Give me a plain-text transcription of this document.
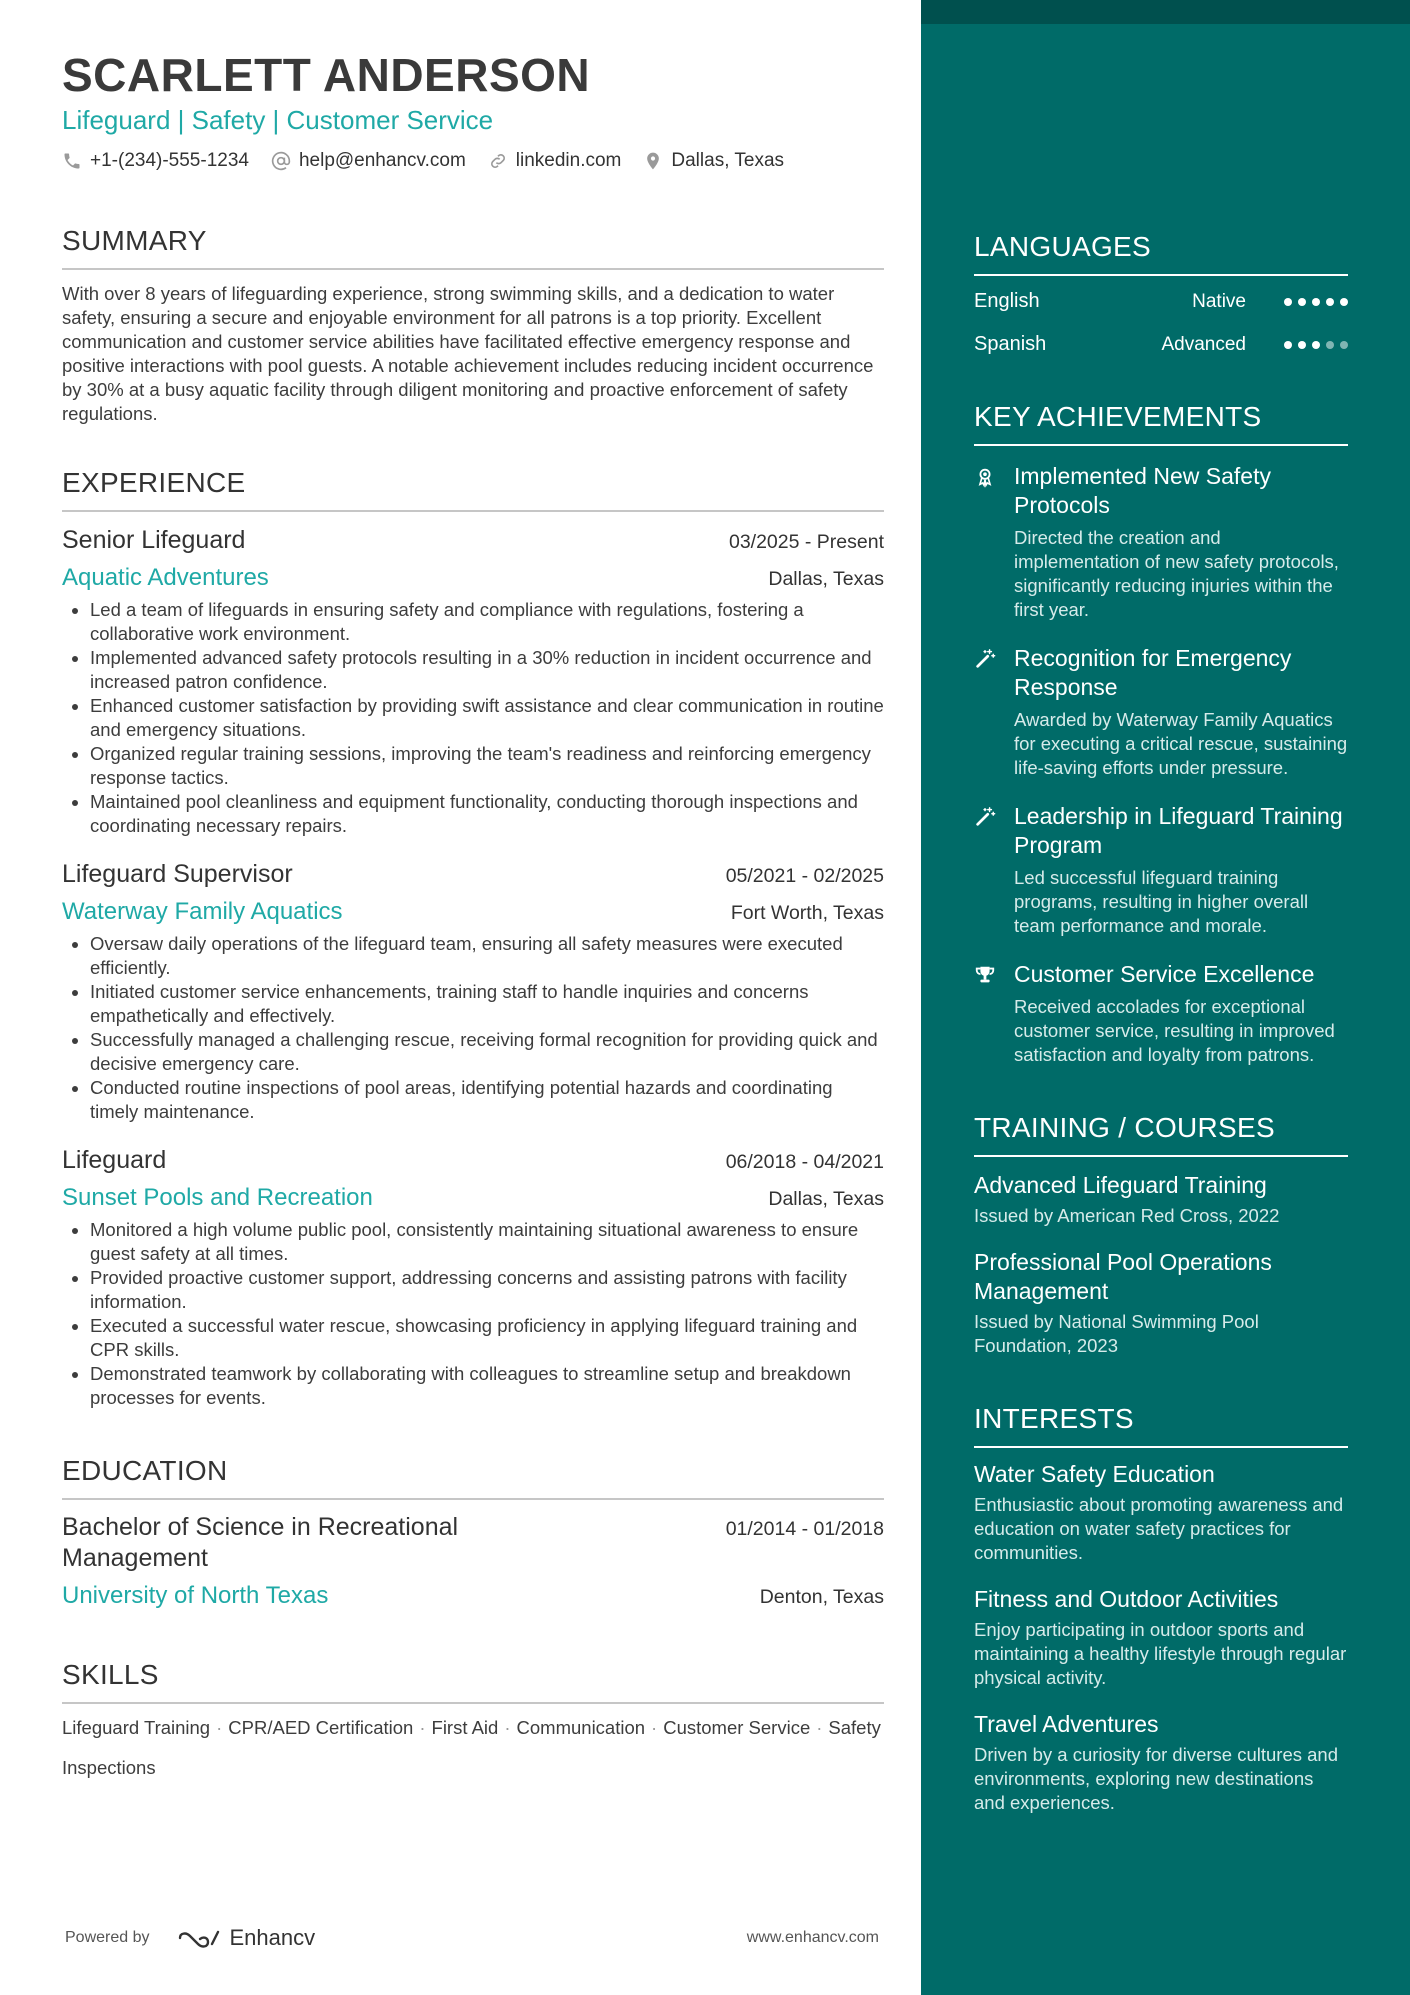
SCARLETT ANDERSON
Lifeguard | Safety | Customer Service
+1-(234)-555-1234	help@enhancv.com	linkedin.com	Dallas, Texas
SUMMARY
With over 8 years of lifeguarding experience, strong swimming skills, and a dedication to water safety, ensuring a secure and enjoyable environment for all patrons is a top priority. Excellent communication and customer service abilities have facilitated effective emergency response and positive interactions with pool guests. A notable achievement includes reducing incident occurrence by 30% at a busy aquatic facility through diligent monitoring and proactive enforcement of safety regulations.
EXPERIENCE
Senior Lifeguard	03/2025 - Present
Aquatic Adventures	Dallas, Texas
• Led a team of lifeguards in ensuring safety and compliance with regulations, fostering a collaborative work environment.
• Implemented advanced safety protocols resulting in a 30% reduction in incident occurrence and increased patron confidence.
• Enhanced customer satisfaction by providing swift assistance and clear communication in routine and emergency situations.
• Organized regular training sessions, improving the team's readiness and reinforcing emergency response tactics.
• Maintained pool cleanliness and equipment functionality, conducting thorough inspections and coordinating necessary repairs.
Lifeguard Supervisor	05/2021 - 02/2025
Waterway Family Aquatics	Fort Worth, Texas
• Oversaw daily operations of the lifeguard team, ensuring all safety measures were executed efficiently.
• Initiated customer service enhancements, training staff to handle inquiries and concerns empathetically and effectively.
• Successfully managed a challenging rescue, receiving formal recognition for providing quick and decisive emergency care.
• Conducted routine inspections of pool areas, identifying potential hazards and coordinating timely maintenance.
Lifeguard	06/2018 - 04/2021
Sunset Pools and Recreation	Dallas, Texas
• Monitored a high volume public pool, consistently maintaining situational awareness to ensure guest safety at all times.
• Provided proactive customer support, addressing concerns and assisting patrons with facility information.
• Executed a successful water rescue, showcasing proficiency in applying lifeguard training and CPR skills.
• Demonstrated teamwork by collaborating with colleagues to streamline setup and breakdown processes for events.
EDUCATION
Bachelor of Science in Recreational Management
01/2014 - 01/2018
University of North Texas	Denton, Texas
SKILLS
Lifeguard Training · CPR/AED Certification · First Aid · Communication · Customer Service · Safety Inspections
Powered by	Enhancv	www.enhancv.com
LANGUAGES
English	Native
Spanish	Advanced
KEY ACHIEVEMENTS
Implemented New Safety Protocols
Directed the creation and implementation of new safety protocols, significantly reducing injuries within the first year.
Recognition for Emergency Response
Awarded by Waterway Family Aquatics for executing a critical rescue, sustaining life-saving efforts under pressure.
Leadership in Lifeguard Training Program
Led successful lifeguard training programs, resulting in higher overall team performance and morale.
Customer Service Excellence
Received accolades for exceptional customer service, resulting in improved satisfaction and loyalty from patrons.
TRAINING / COURSES
Advanced Lifeguard Training
Issued by American Red Cross, 2022
Professional Pool Operations Management
Issued by National Swimming Pool Foundation, 2023
INTERESTS
Water Safety Education
Enthusiastic about promoting awareness and education on water safety practices for communities.
Fitness and Outdoor Activities
Enjoy participating in outdoor sports and maintaining a healthy lifestyle through regular physical activity.
Travel Adventures
Driven by a curiosity for diverse cultures and environments, exploring new destinations and experiences.
